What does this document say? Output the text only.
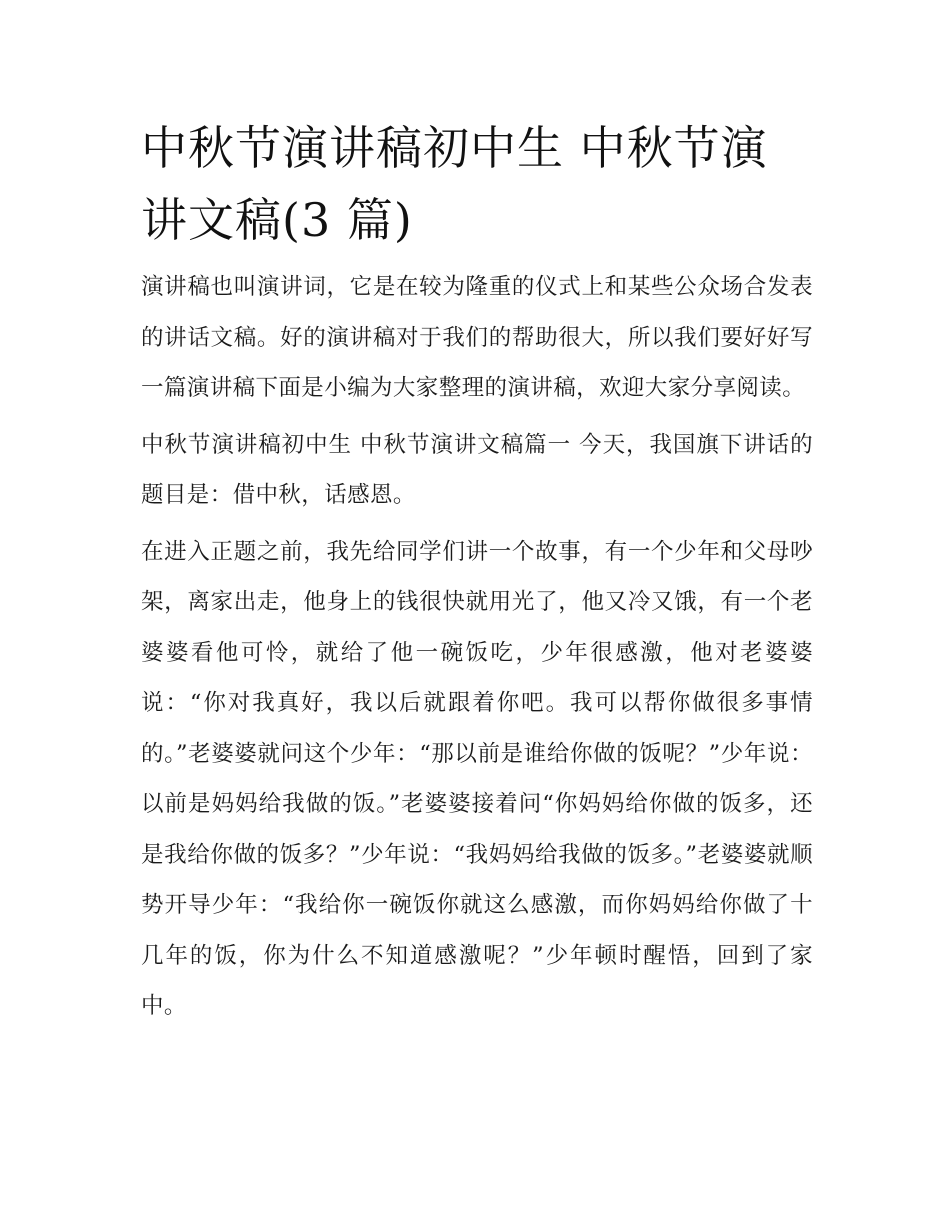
中秋节演讲稿初中生 中秋节演讲文稿(3 篇)

演讲稿也叫演讲词，它是在较为隆重的仪式上和某些公众场合发表的讲话文稿。好的演讲稿对于我们的帮助很大，所以我们要好好写一篇演讲稿下面是小编为大家整理的演讲稿，欢迎大家分享阅读。

中秋节演讲稿初中生 中秋节演讲文稿篇一 今天，我国旗下讲话的题目是：借中秋，话感恩。

在进入正题之前，我先给同学们讲一个故事，有一个少年和父母吵架，离家出走，他身上的钱很快就用光了，他又冷又饿，有一个老婆婆看他可怜，就给了他一碗饭吃，少年很感激，他对老婆婆说：“你对我真好，我以后就跟着你吧。我可以帮你做很多事情的。”老婆婆就问这个少年：“那以前是谁给你做的饭呢？”少年说：以前是妈妈给我做的饭。”老婆婆接着问“你妈妈给你做的饭多，还是我给你做的饭多？”少年说：“我妈妈给我做的饭多。”老婆婆就顺势开导少年：“我给你一碗饭你就这么感激，而你妈妈给你做了十几年的饭，你为什么不知道感激呢？”少年顿时醒悟，回到了家中。
